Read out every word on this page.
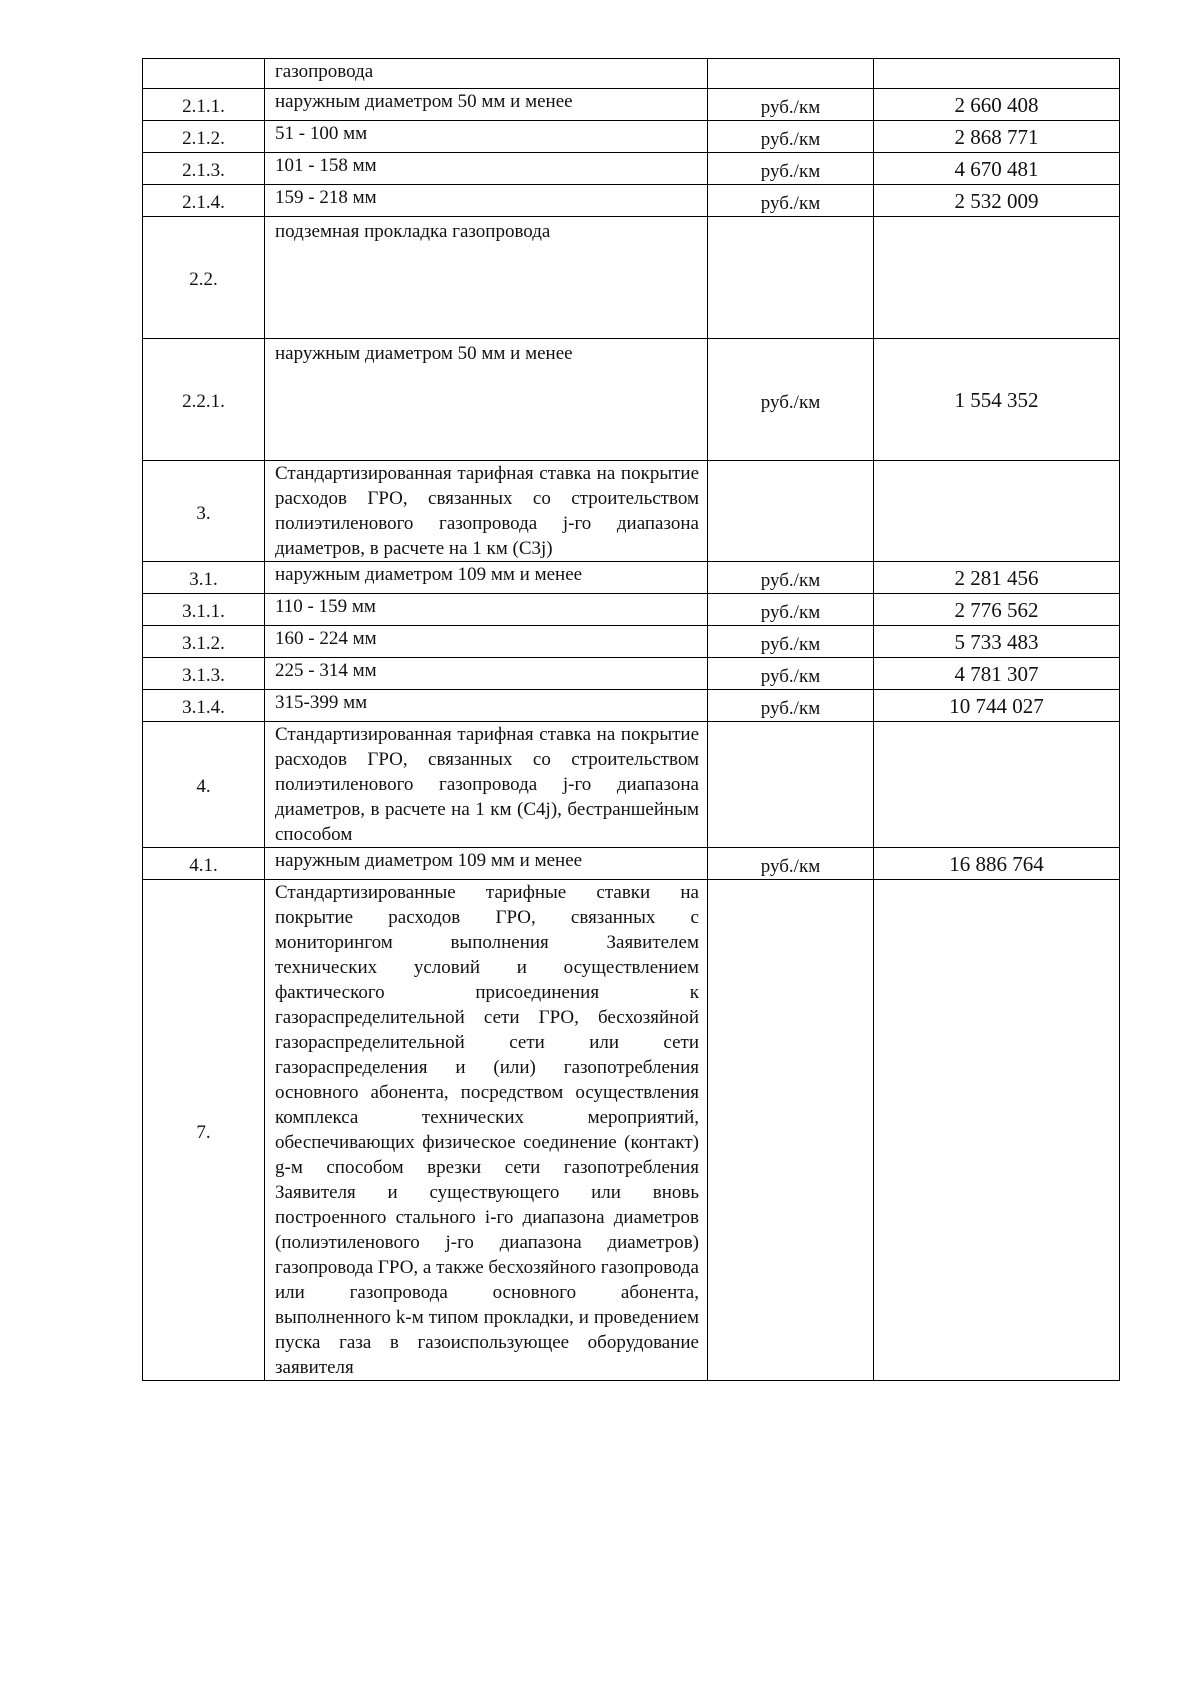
	газопровода		
2.1.1.	наружным диаметром 50 мм и менее	руб./км	2 660 408
2.1.2.	51 - 100 мм	руб./км	2 868 771
2.1.3.	101 - 158 мм	руб./км	4 670 481
2.1.4.	159 - 218 мм	руб./км	2 532 009
2.2.	подземная прокладка газопровода		
2.2.1.	наружным диаметром 50 мм и менее	руб./км	1 554 352
3.	Стандартизированная тарифная ставка на покрытие расходов ГРО, связанных со строительством полиэтиленового газопровода j-го диапазона диаметров, в расчете на 1 км (C3j)		
3.1.	наружным диаметром 109 мм и менее	руб./км	2 281 456
3.1.1.	110 - 159 мм	руб./км	2 776 562
3.1.2.	160 - 224 мм	руб./км	5 733 483
3.1.3.	225 - 314 мм	руб./км	4 781 307
3.1.4.	315-399 мм	руб./км	10 744 027
4.	Стандартизированная тарифная ставка на покрытие расходов ГРО, связанных со строительством полиэтиленового газопровода j-го диапазона диаметров, в расчете на 1 км (C4j), бестраншейным способом		
4.1.	наружным диаметром 109 мм и менее	руб./км	16 886 764
7.	Стандартизированные тарифные ставки на покрытие расходов ГРО, связанных с мониторингом выполнения Заявителем технических условий и осуществлением фактического присоединения к газораспределительной сети ГРО, бесхозяйной газораспределительной сети или сети газораспределения и (или) газопотребления основного абонента, посредством осуществления комплекса технических мероприятий, обеспечивающих физическое соединение (контакт) g-м способом врезки сети газопотребления Заявителя и существующего или вновь построенного стального i-го диапазона диаметров (полиэтиленового j-го диапазона диаметров) газопровода ГРО, а также бесхозяйного газопровода или газопровода основного абонента, выполненного k-м типом прокладки, и проведением пуска газа в газоиспользующее оборудование заявителя		
